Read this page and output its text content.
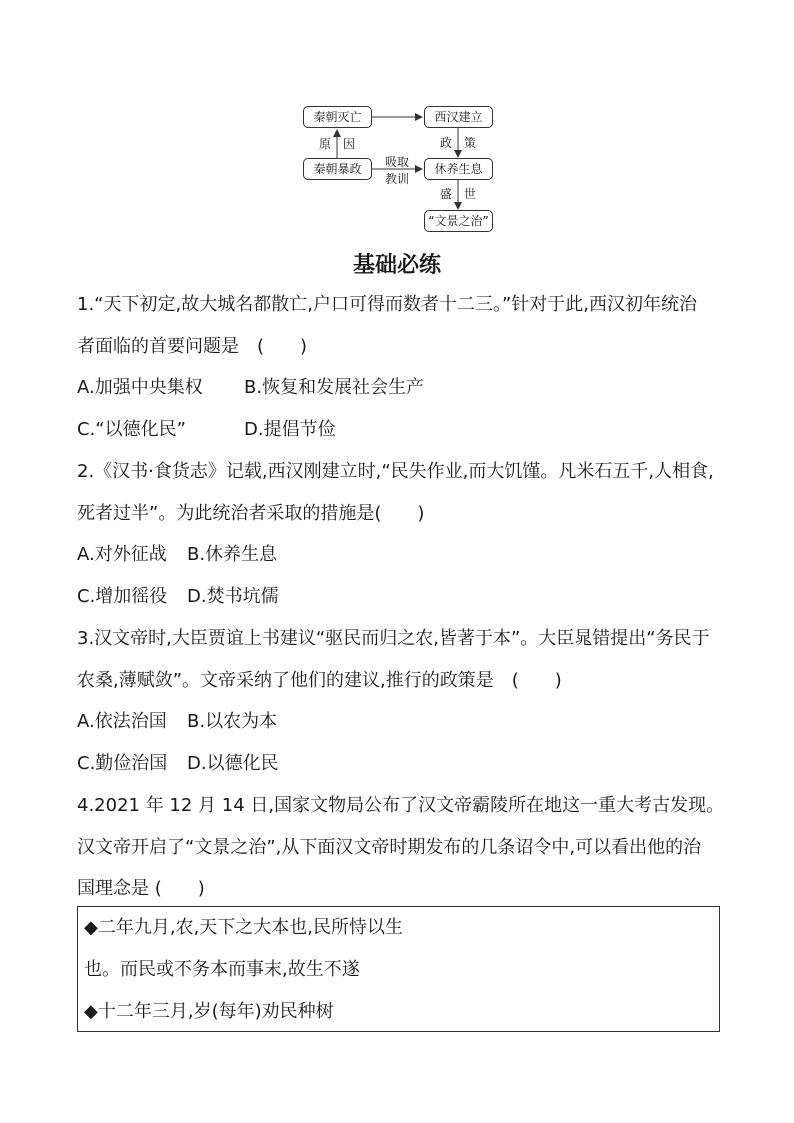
秦朝灭亡	西汉建立
秦朝暴政	休养生息
“文景之治”
原 因	政 策
吸取
教训
盛 世
基础必练
1.“天下初定,故大城名都散亡,户口可得而数者十二三。”针对于此,西汉初年统治
者面临的首要问题是　(　　)
A.加强中央集权 B.恢复和发展社会生产
C.“以德化民”	D.提倡节俭
2.《汉书·食货志》记载,西汉刚建立时,“民失作业,而大饥馑。凡米石五千,人相食,
死者过半”。为此统治者采取的措施是(　　)
A.对外征战 B.休养生息
C.增加徭役 D.焚书坑儒
3.汉文帝时,大臣贾谊上书建议“驱民而归之农,皆著于本”。大臣晁错提出“务民于
农桑,薄赋敛”。文帝采纳了他们的建议,推行的政策是　(　　)
A.依法治国 B.以农为本
C.勤俭治国 D.以德化民
4.2021 年 12 月 14 日,国家文物局公布了汉文帝霸陵所在地这一重大考古发现。
汉文帝开启了“文景之治”,从下面汉文帝时期发布的几条诏令中,可以看出他的治
国理念是 (　　)
◆二年九月,农,天下之大本也,民所恃以生
也。而民或不务本而事末,故生不遂
◆十二年三月,岁(每年)劝民种树
